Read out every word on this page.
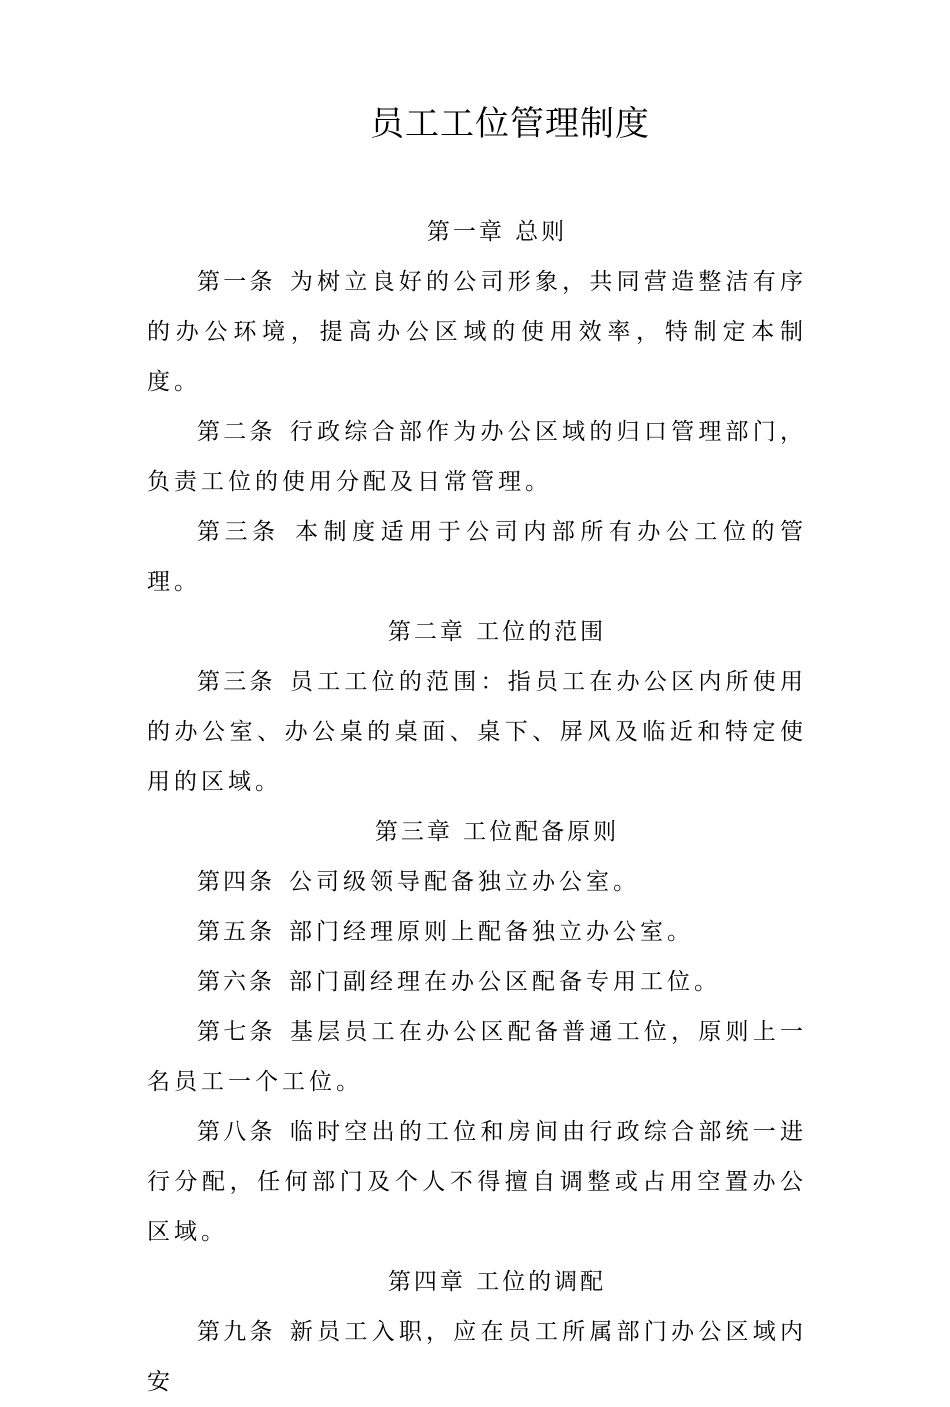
员工工位管理制度
第一章 总则

第一条 为树立良好的公司形象，共同营造整洁有序的办公环境，提高办公区域的使用效率，特制定本制度。

第二条 行政综合部作为办公区域的归口管理部门，负责工位的使用分配及日常管理。

第三条 本制度适用于公司内部所有办公工位的管理。

第二章 工位的范围

第三条 员工工位的范围：指员工在办公区内所使用的办公室、办公桌的桌面、桌下、屏风及临近和特定使用的区域。

第三章 工位配备原则

第四条 公司级领导配备独立办公室。

第五条 部门经理原则上配备独立办公室。

第六条 部门副经理在办公区配备专用工位。

第七条 基层员工在办公区配备普通工位，原则上一名员工一个工位。

第八条 临时空出的工位和房间由行政综合部统一进行分配，任何部门及个人不得擅自调整或占用空置办公区域。

第四章 工位的调配

第九条 新员工入职，应在员工所属部门办公区域内安
